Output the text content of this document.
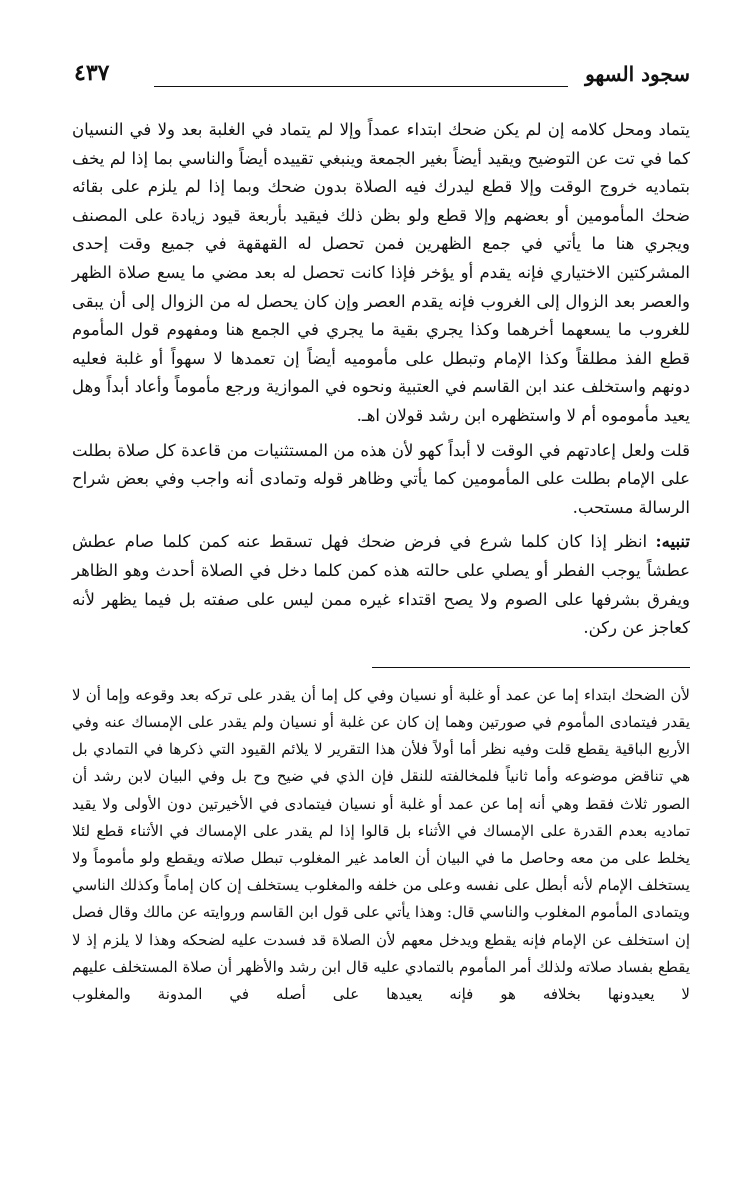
سجود السهو
٤٣٧

يتماد ومحل كلامه إن لم يكن ضحك ابتداء عمداً وإلا لم يتماد في الغلبة بعد ولا في النسيان كما في تت عن التوضيح ويقيد أيضاً بغير الجمعة وينبغي تقييده أيضاً والناسي بما إذا لم يخف بتماديه خروج الوقت وإلا قطع ليدرك فيه الصلاة بدون ضحك وبما إذا لم يلزم على بقائه ضحك المأمومين أو بعضهم وإلا قطع ولو بظن ذلك فيقيد بأربعة قيود زيادة على المصنف ويجري هنا ما يأتي في جمع الظهرين فمن تحصل له القهقهة في جميع وقت إحدى المشركتين الاختياري فإنه يقدم أو يؤخر فإذا كانت تحصل له بعد مضي ما يسع صلاة الظهر والعصر بعد الزوال إلى الغروب فإنه يقدم العصر وإن كان يحصل له من الزوال إلى أن يبقى للغروب ما يسعهما أخرهما وكذا يجري بقية ما يجري في الجمع هنا ومفهوم قول المأموم قطع الفذ مطلقاً وكذا الإمام وتبطل على مأموميه أيضاً إن تعمدها لا سهواً أو غلبة فعليه دونهم واستخلف عند ابن القاسم في العتبية ونحوه في الموازية ورجع مأموماً وأعاد أبداً وهل يعيد مأموموه أم لا واستظهره ابن رشد قولان اهـ.

قلت ولعل إعادتهم في الوقت لا أبداً كهو لأن هذه من المستثنيات من قاعدة كل صلاة بطلت على الإمام بطلت على المأمومين كما يأتي وظاهر قوله وتمادى أنه واجب وفي بعض شراح الرسالة مستحب.

تنبيه: انظر إذا كان كلما شرع في فرض ضحك فهل تسقط عنه كمن كلما صام عطش عطشاً يوجب الفطر أو يصلي على حالته هذه كمن كلما دخل في الصلاة أحدث وهو الظاهر ويفرق بشرفها على الصوم ولا يصح اقتداء غيره ممن ليس على صفته بل فيما يظهر لأنه كعاجز عن ركن.

لأن الضحك ابتداء إما عن عمد أو غلبة أو نسيان وفي كل إما أن يقدر على تركه بعد وقوعه وإما أن لا يقدر فيتمادى المأموم في صورتين وهما إن كان عن غلبة أو نسيان ولم يقدر على الإمساك عنه وفي الأربع الباقية يقطع قلت وفيه نظر أما أولاً فلأن هذا التقرير لا يلائم القيود التي ذكرها في التمادي بل هي تناقض موضوعه وأما ثانياً فلمخالفته للنقل فإن الذي في ضيح وح بل وفي البيان لابن رشد أن الصور ثلاث فقط وهي أنه إما عن عمد أو غلبة أو نسيان فيتمادى في الأخيرتين دون الأولى ولا يقيد تماديه بعدم القدرة على الإمساك في الأثناء بل قالوا إذا لم يقدر على الإمساك في الأثناء قطع لئلا يخلط على من معه وحاصل ما في البيان أن العامد غير المغلوب تبطل صلاته ويقطع ولو مأموماً ولا يستخلف الإمام لأنه أبطل على نفسه وعلى من خلفه والمغلوب يستخلف إن كان إماماً وكذلك الناسي ويتمادى المأموم المغلوب والناسي قال: وهذا يأتي على قول ابن القاسم وروايته عن مالك وقال فصل إن استخلف عن الإمام فإنه يقطع ويدخل معهم لأن الصلاة قد فسدت عليه لضحكه وهذا لا يلزم إذ لا يقطع بفساد صلاته ولذلك أمر المأموم بالتمادي عليه قال ابن رشد والأظهر أن صلاة المستخلف عليهم لا يعيدونها بخلافه هو فإنه يعيدها على أصله في المدونة والمغلوب
